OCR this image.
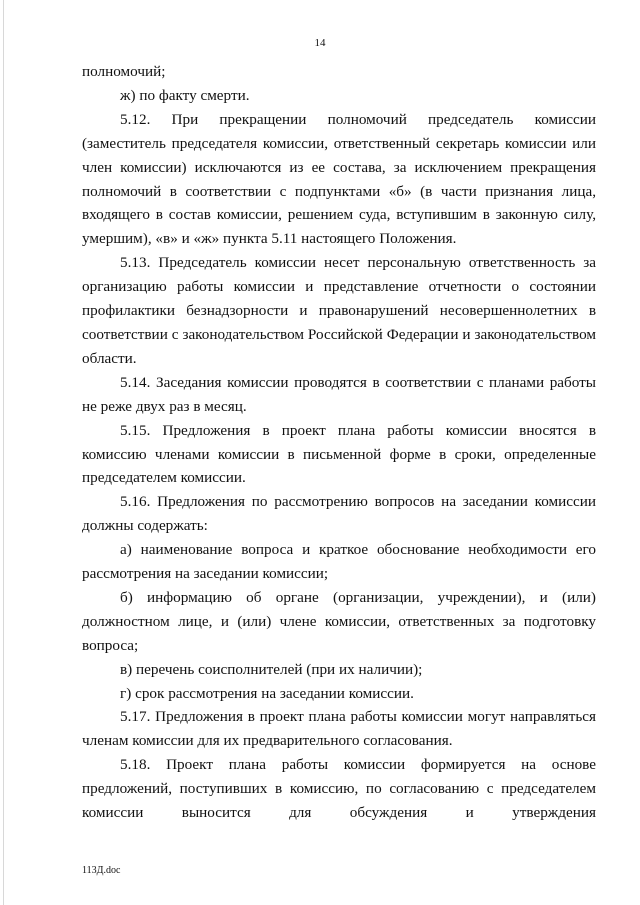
14

полномочий;

ж) по факту смерти.

5.12. При прекращении полномочий председатель комиссии (заместитель председателя комиссии, ответственный секретарь комиссии или член комиссии) исключаются из ее состава, за исключением прекращения полномочий в соответствии с подпунктами «б» (в части признания лица, входящего в состав комиссии, решением суда, вступившим в законную силу, умершим), «в» и «ж» пункта 5.11 настоящего Положения.

5.13. Председатель комиссии несет персональную ответственность за организацию работы комиссии и представление отчетности о состоянии профилактики безнадзорности и правонарушений несовершеннолетних в соответствии с законодательством Российской Федерации и законодательством области.

5.14. Заседания комиссии проводятся в соответствии с планами работы не реже двух раз в месяц.

5.15. Предложения в проект плана работы комиссии вносятся в комиссию членами комиссии в письменной форме в сроки, определенные председателем комиссии.

5.16. Предложения по рассмотрению вопросов на заседании комиссии должны содержать:

а) наименование вопроса и краткое обоснование необходимости его рассмотрения на заседании комиссии;

б) информацию об органе (организации, учреждении), и (или) должностном лице, и (или) члене комиссии, ответственных за подготовку вопроса;

в) перечень соисполнителей (при их наличии);

г) срок рассмотрения на заседании комиссии.

5.17. Предложения в проект плана работы комиссии могут направляться членам комиссии для их предварительного согласования.

5.18. Проект плана работы комиссии формируется на основе предложений, поступивших в комиссию, по согласованию с председателем комиссии выносится для обсуждения и утверждения

113Д.doc
